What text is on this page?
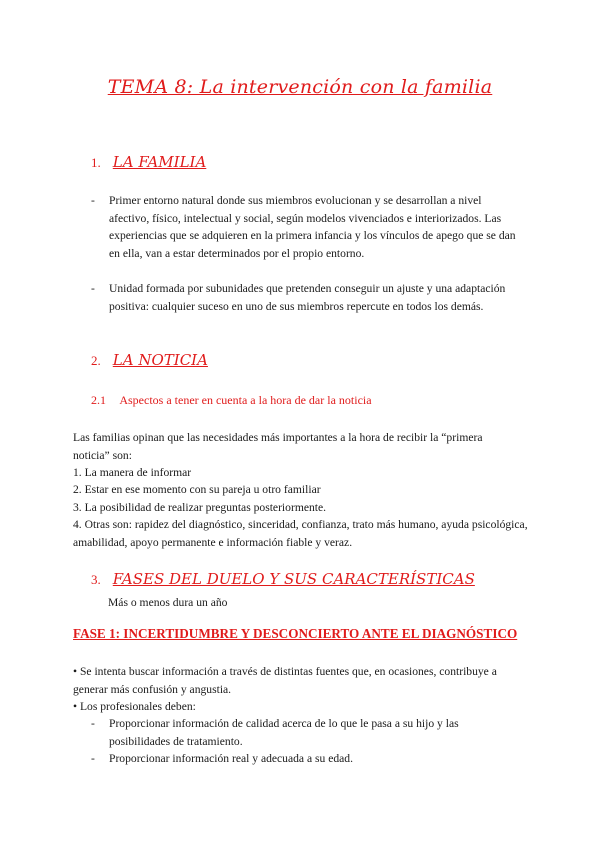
TEMA 8: La intervención con la familia
1. LA FAMILIA
- Primer entorno natural donde sus miembros evolucionan y se desarrollan a nivel afectivo, físico, intelectual y social, según modelos vivenciados e interiorizados. Las experiencias que se adquieren en la primera infancia y los vínculos de apego que se dan en ella, van a estar determinados por el propio entorno.
- Unidad formada por subunidades que pretenden conseguir un ajuste y una adaptación positiva: cualquier suceso en uno de sus miembros repercute en todos los demás.
2. LA NOTICIA
2.1 Aspectos a tener en cuenta a la hora de dar la noticia

Las familias opinan que las necesidades más importantes a la hora de recibir la “primera noticia” son:

1. La manera de informar

2. Estar en ese momento con su pareja u otro familiar

3. La posibilidad de realizar preguntas posteriormente.

4. Otras son: rapidez del diagnóstico, sinceridad, confianza, trato más humano, ayuda psicológica, amabilidad, apoyo permanente e información fiable y veraz.

3. FASES DEL DUELO Y SUS CARACTERÍSTICAS

Más o menos dura un año

FASE 1: INCERTIDUMBRE Y DESCONCIERTO ANTE EL DIAGNÓSTICO

• Se intenta buscar información a través de distintas fuentes que, en ocasiones, contribuye a generar más confusión y angustia.

• Los profesionales deben:

- Proporcionar información de calidad acerca de lo que le pasa a su hijo y las posibilidades de tratamiento.
- Proporcionar información real y adecuada a su edad.
